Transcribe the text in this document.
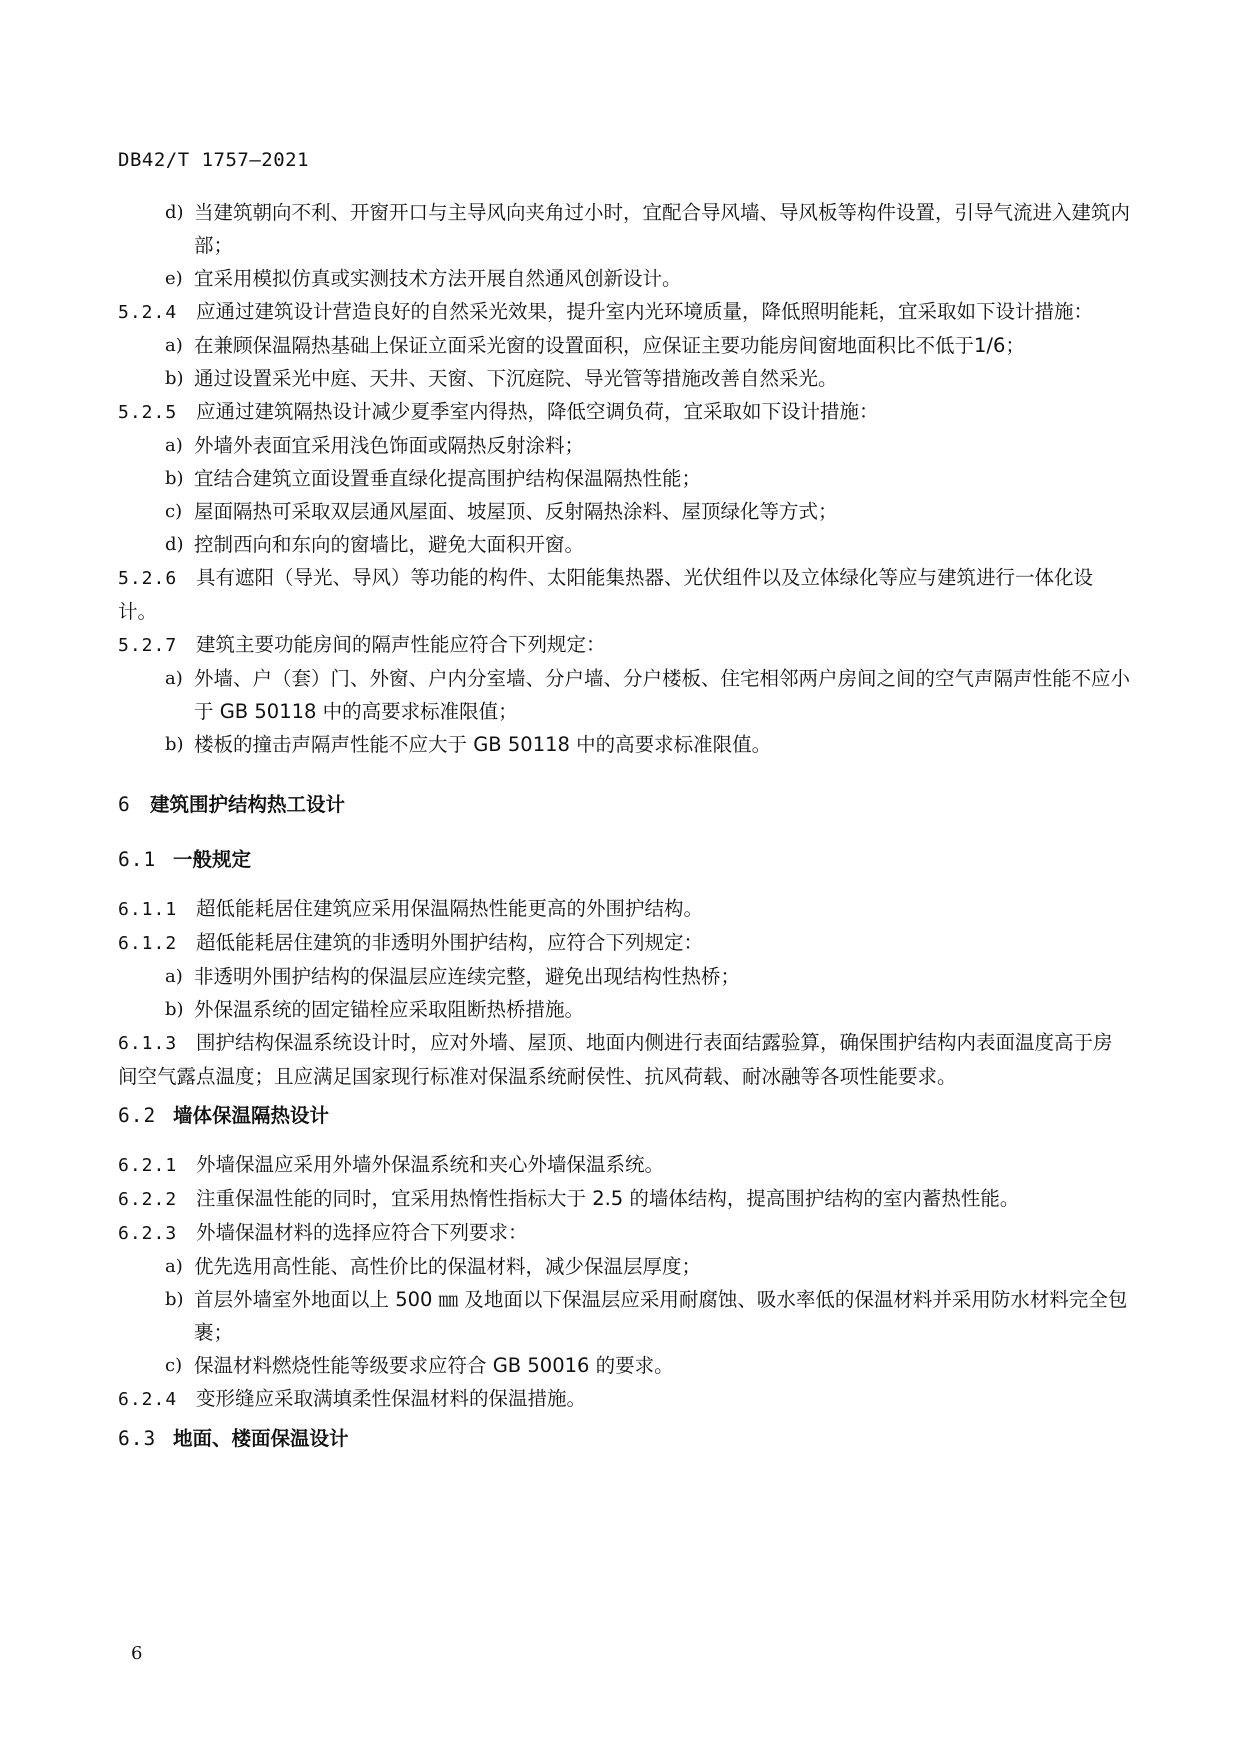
DB42/T 1757—2021
d) 当建筑朝向不利、开窗开口与主导风向夹角过小时，宜配合导风墙、导风板等构件设置，引导气流进入建筑内部；
e) 宜采用模拟仿真或实测技术方法开展自然通风创新设计。
5.2.4 应通过建筑设计营造良好的自然采光效果，提升室内光环境质量，降低照明能耗，宜采取如下设计措施：
a) 在兼顾保温隔热基础上保证立面采光窗的设置面积，应保证主要功能房间窗地面积比不低于1/6；
b) 通过设置采光中庭、天井、天窗、下沉庭院、导光管等措施改善自然采光。
5.2.5 应通过建筑隔热设计减少夏季室内得热，降低空调负荷，宜采取如下设计措施：
a) 外墙外表面宜采用浅色饰面或隔热反射涂料；
b) 宜结合建筑立面设置垂直绿化提高围护结构保温隔热性能；
c) 屋面隔热可采取双层通风屋面、坡屋顶、反射隔热涂料、屋顶绿化等方式；
d) 控制西向和东向的窗墙比，避免大面积开窗。
5.2.6 具有遮阳（导光、导风）等功能的构件、太阳能集热器、光伏组件以及立体绿化等应与建筑进行一体化设计。
5.2.7 建筑主要功能房间的隔声性能应符合下列规定：
a) 外墙、户（套）门、外窗、户内分室墙、分户墙、分户楼板、住宅相邻两户房间之间的空气声隔声性能不应小于 GB 50118 中的高要求标准限值；
b) 楼板的撞击声隔声性能不应大于 GB 50118 中的高要求标准限值。
6 建筑围护结构热工设计
6.1 一般规定
6.1.1 超低能耗居住建筑应采用保温隔热性能更高的外围护结构。
6.1.2 超低能耗居住建筑的非透明外围护结构，应符合下列规定：
a) 非透明外围护结构的保温层应连续完整，避免出现结构性热桥；
b) 外保温系统的固定锚栓应采取阻断热桥措施。
6.1.3 围护结构保温系统设计时，应对外墙、屋顶、地面内侧进行表面结露验算，确保围护结构内表面温度高于房间空气露点温度；且应满足国家现行标准对保温系统耐侯性、抗风荷载、耐冰融等各项性能要求。
6.2 墙体保温隔热设计
6.2.1 外墙保温应采用外墙外保温系统和夹心外墙保温系统。
6.2.2 注重保温性能的同时，宜采用热惰性指标大于 2.5 的墙体结构，提高围护结构的室内蓄热性能。
6.2.3 外墙保温材料的选择应符合下列要求：
a) 优先选用高性能、高性价比的保温材料，减少保温层厚度；
b) 首层外墙室外地面以上 500 ㎜ 及地面以下保温层应采用耐腐蚀、吸水率低的保温材料并采用防水材料完全包裹；
c) 保温材料燃烧性能等级要求应符合 GB 50016 的要求。
6.2.4 变形缝应采取满填柔性保温材料的保温措施。
6.3 地面、楼面保温设计
6
